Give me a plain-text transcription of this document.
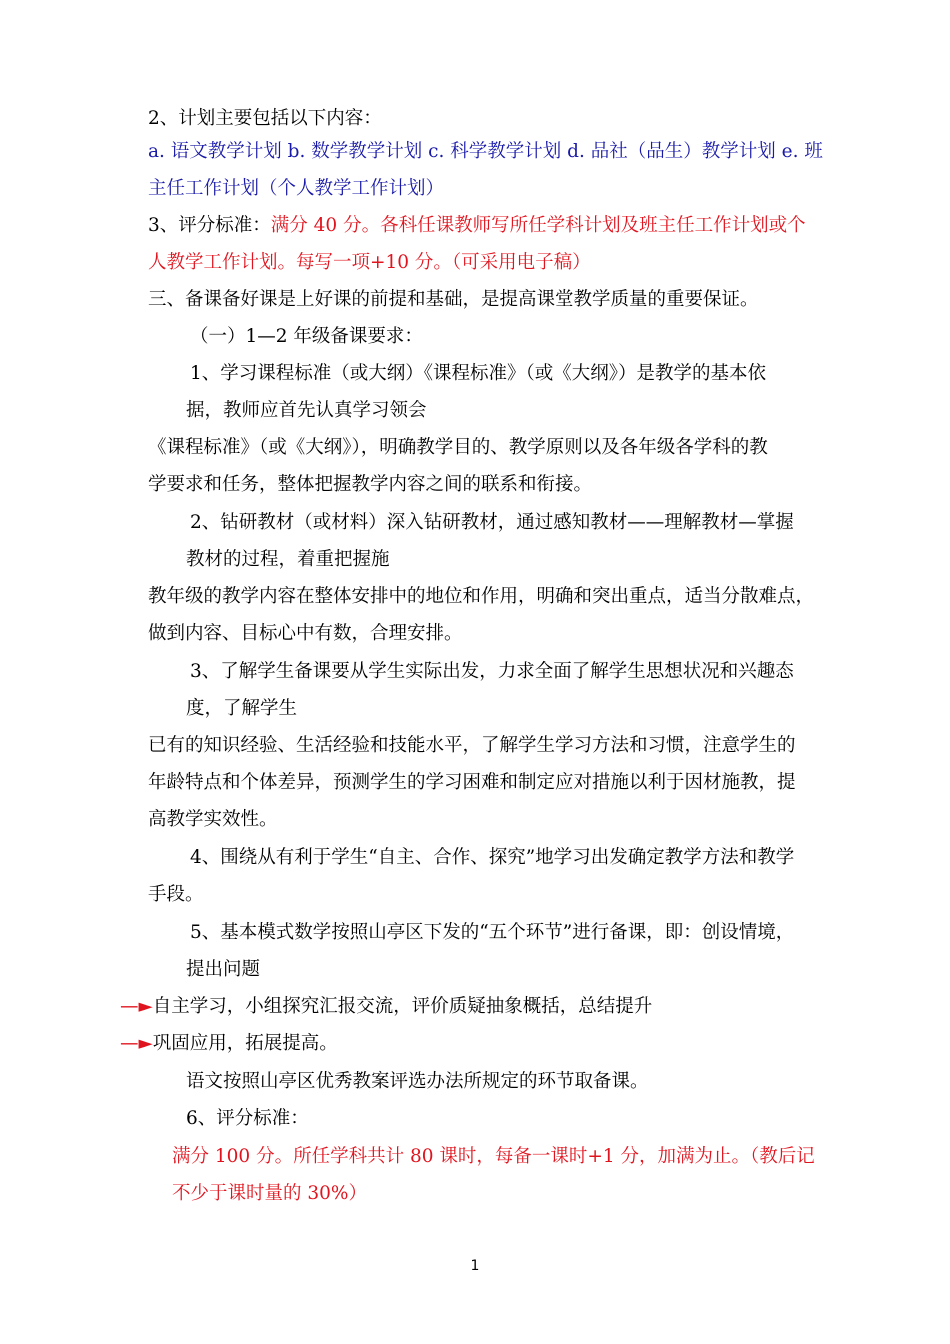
2、计划主要包括以下内容：
a. 语文教学计划 b. 数学教学计划 c. 科学教学计划 d. 品社（品生）教学计划 e. 班
主任工作计划（个人教学工作计划）
3、评分标准：满分 40 分。各科任课教师写所任学科计划及班主任工作计划或个
人教学工作计划。每写一项+10 分。（可采用电子稿）
三、备课备好课是上好课的前提和基础，是提高课堂教学质量的重要保证。
（一）1—2 年级备课要求：
1、学习课程标准（或大纲）《课程标准》（或《大纲》）是教学的基本依
据，教师应首先认真学习领会
《课程标准》（或《大纲》），明确教学目的、教学原则以及各年级各学科的教
学要求和任务，整体把握教学内容之间的联系和衔接。
2、钻研教材（或材料）深入钻研教材，通过感知教材——理解教材—掌握
教材的过程，着重把握施
教年级的教学内容在整体安排中的地位和作用，明确和突出重点，适当分散难点，
做到内容、目标心中有数，合理安排。
3、了解学生备课要从学生实际出发，力求全面了解学生思想状况和兴趣态
度，了解学生
已有的知识经验、生活经验和技能水平，了解学生学习方法和习惯，注意学生的
年龄特点和个体差异，预测学生的学习困难和制定应对措施以利于因材施教，提
高教学实效性。
4、围绕从有利于学生“自主、合作、探究”地学习出发确定教学方法和教学
手段。
5、基本模式数学按照山亭区下发的“五个环节”进行备课，即：创设情境，
提出问题
—►自主学习，小组探究汇报交流，评价质疑抽象概括，总结提升
—►巩固应用，拓展提高。
语文按照山亭区优秀教案评选办法所规定的环节取备课。
6、评分标准：
满分 100 分。所任学科共计 80 课时，每备一课时+1 分，加满为止。（教后记
不少于课时量的 30%）
1
